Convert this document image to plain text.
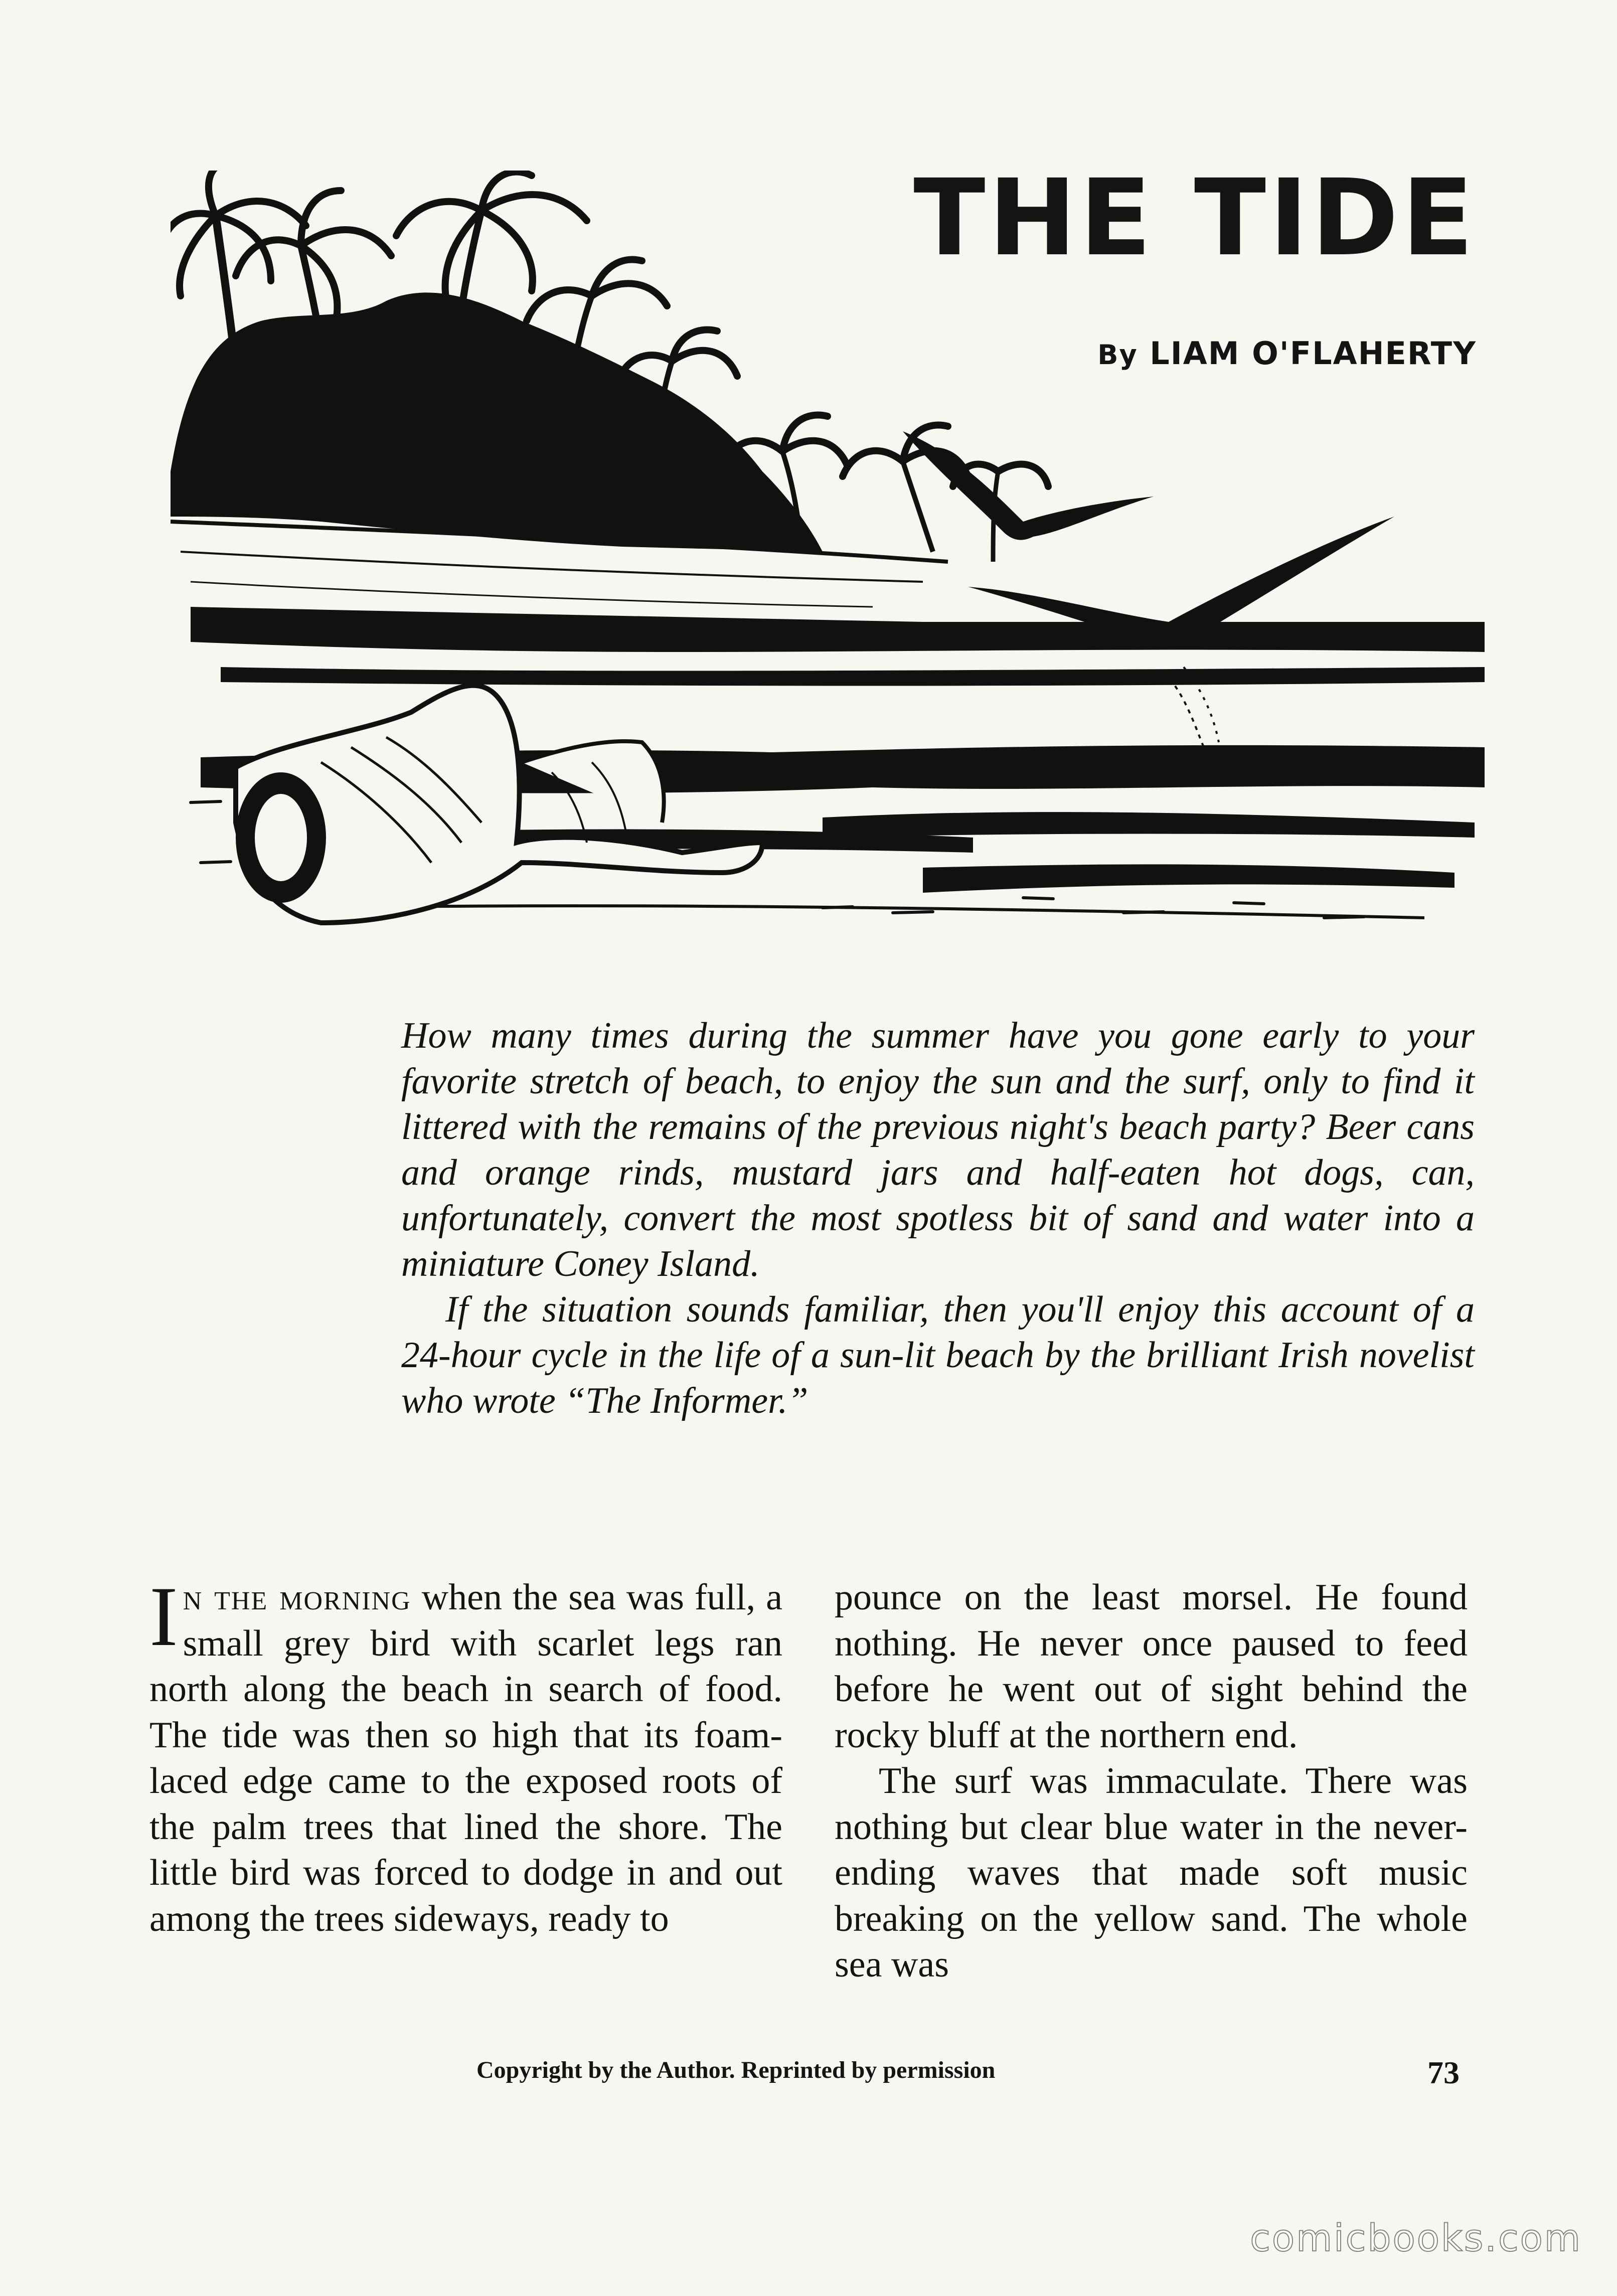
THE TIDE

By LIAM O'FLAHERTY

How many times during the summer have you gone early to your favorite stretch of beach, to enjoy the sun and the surf, only to find it littered with the remains of the previous night's beach party? Beer cans and orange rinds, mustard jars and half-eaten hot dogs, can, unfortunately, convert the most spotless bit of sand and water into a miniature Coney Island.

If the situation sounds familiar, then you'll enjoy this account of a 24-hour cycle in the life of a sun-lit beach by the brilliant Irish novelist who wrote “The Informer.”

In the morning when the sea was full, a small grey bird with scarlet legs ran north along the beach in search of food. The tide was then so high that its foam-laced edge came to the exposed roots of the palm trees that lined the shore. The little bird was forced to dodge in and out among the trees sideways, ready to

pounce on the least morsel. He found nothing. He never once paused to feed before he went out of sight behind the rocky bluff at the northern end.

The surf was immaculate. There was nothing but clear blue water in the never-ending waves that made soft music breaking on the yellow sand. The whole sea was

Copyright by the Author. Reprinted by permission	73

comicbooks.com
